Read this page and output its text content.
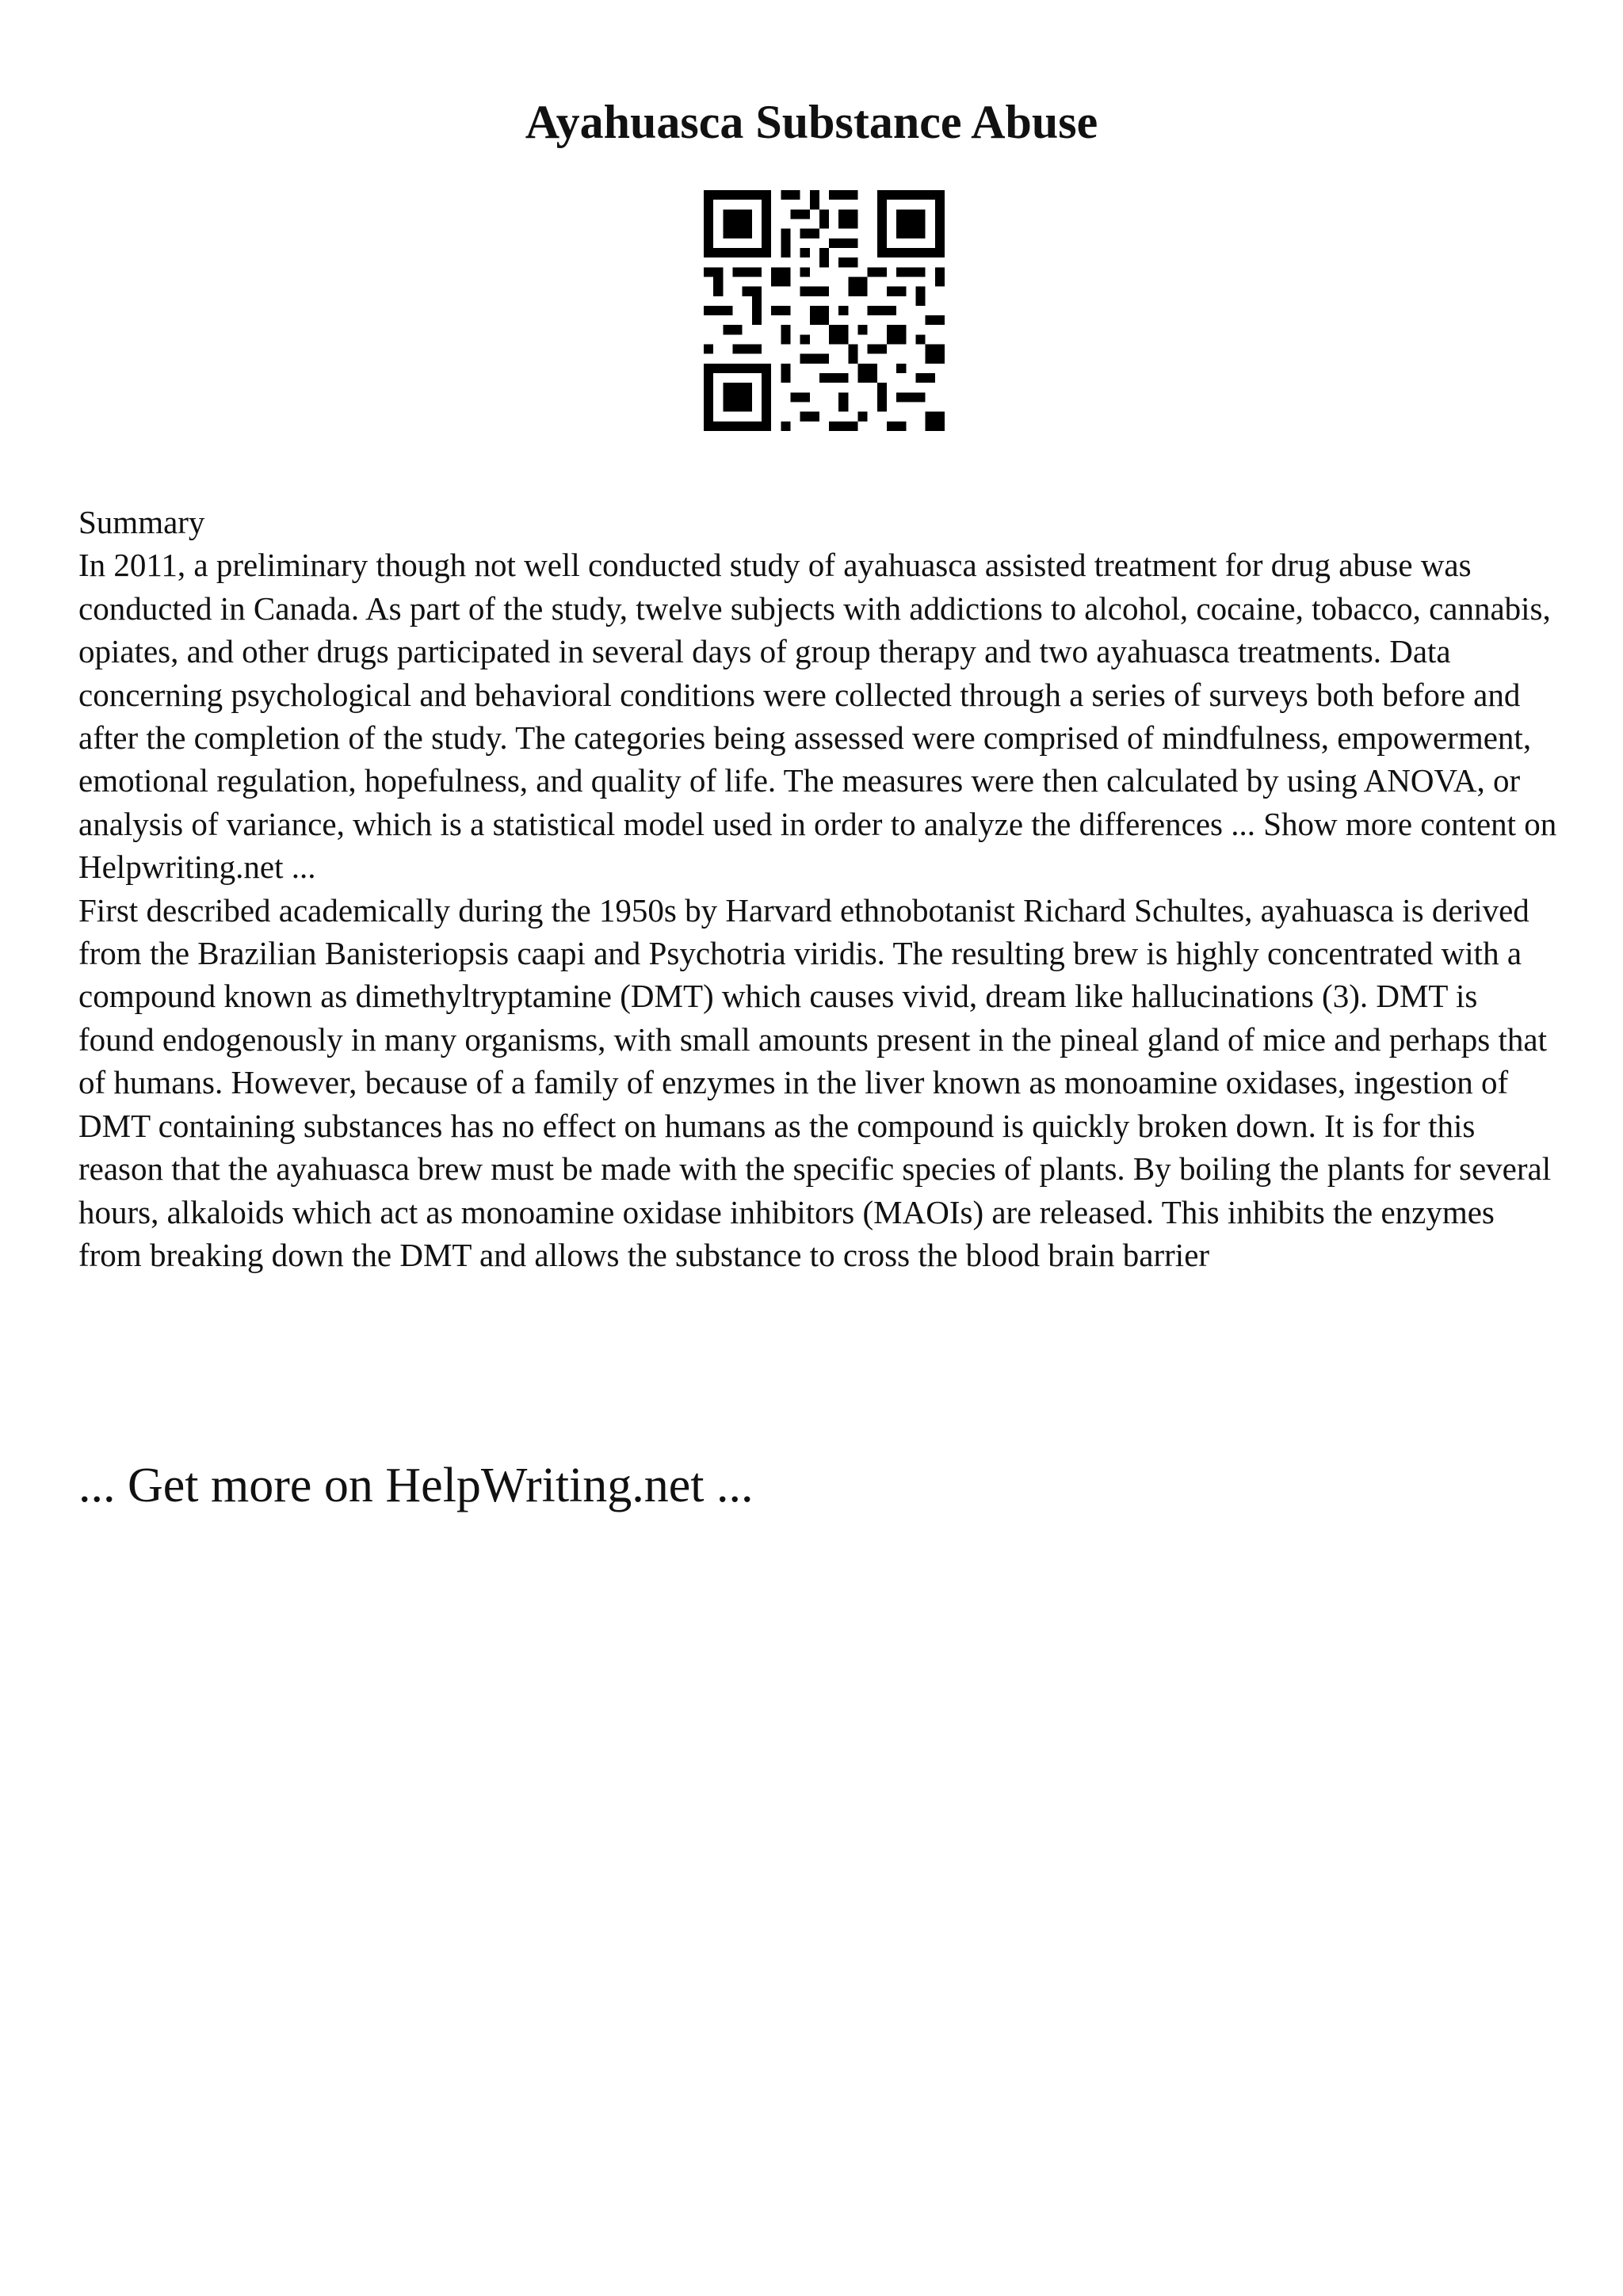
Ayahuasca Substance Abuse

Summary

In 2011, a preliminary though not well conducted study of ayahuasca assisted treatment for drug abuse was conducted in Canada. As part of the study, twelve subjects with addictions to alcohol, cocaine, tobacco, cannabis, opiates, and other drugs participated in several days of group therapy and two ayahuasca treatments. Data concerning psychological and behavioral conditions were collected through a series of surveys both before and after the completion of the study. The categories being assessed were comprised of mindfulness, empowerment, emotional regulation, hopefulness, and quality of life. The measures were then calculated by using ANOVA, or analysis of variance, which is a statistical model used in order to analyze the differences ... Show more content on Helpwriting.net ...

First described academically during the 1950s by Harvard ethnobotanist Richard Schultes, ayahuasca is derived from the Brazilian Banisteriopsis caapi and Psychotria viridis. The resulting brew is highly concentrated with a compound known as dimethyltryptamine (DMT) which causes vivid, dream like hallucinations (3). DMT is found endogenously in many organisms, with small amounts present in the pineal gland of mice and perhaps that of humans. However, because of a family of enzymes in the liver known as monoamine oxidases, ingestion of DMT containing substances has no effect on humans as the compound is quickly broken down. It is for this reason that the ayahuasca brew must be made with the specific species of plants. By boiling the plants for several hours, alkaloids which act as monoamine oxidase inhibitors (MAOIs) are released. This inhibits the enzymes from breaking down the DMT and allows the substance to cross the blood brain barrier

... Get more on HelpWriting.net ...
